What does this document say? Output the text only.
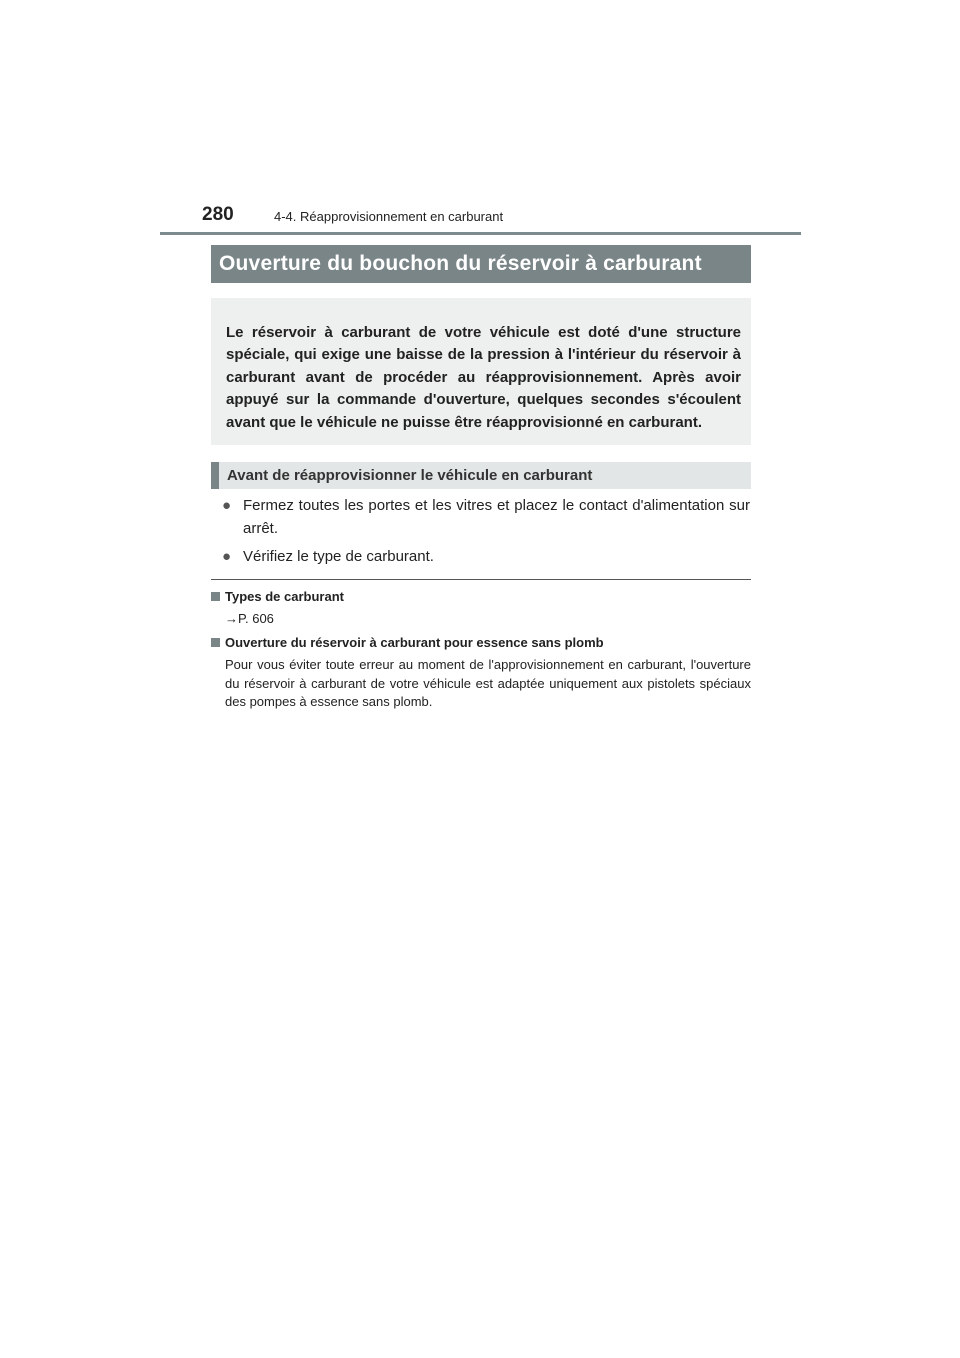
280	4-4. Réapprovisionnement en carburant
Ouverture du bouchon du réservoir à carburant

Le réservoir à carburant de votre véhicule est doté d'une structure spéciale, qui exige une baisse de la pression à l'intérieur du réservoir à carburant avant de procéder au réapprovisionnement. Après avoir appuyé sur la commande d'ouverture, quelques secondes s'écoulent avant que le véhicule ne puisse être réapprovisionné en carburant.

Avant de réapprovisionner le véhicule en carburant
● Fermez toutes les portes et les vitres et placez le contact d'alimentation sur arrêt.
● Vérifiez le type de carburant.
Types de carburant
→P. 606
Ouverture du réservoir à carburant pour essence sans plomb
Pour vous éviter toute erreur au moment de l'approvisionnement en carburant, l'ouverture du réservoir à carburant de votre véhicule est adaptée uniquement aux pistolets spéciaux des pompes à essence sans plomb.
